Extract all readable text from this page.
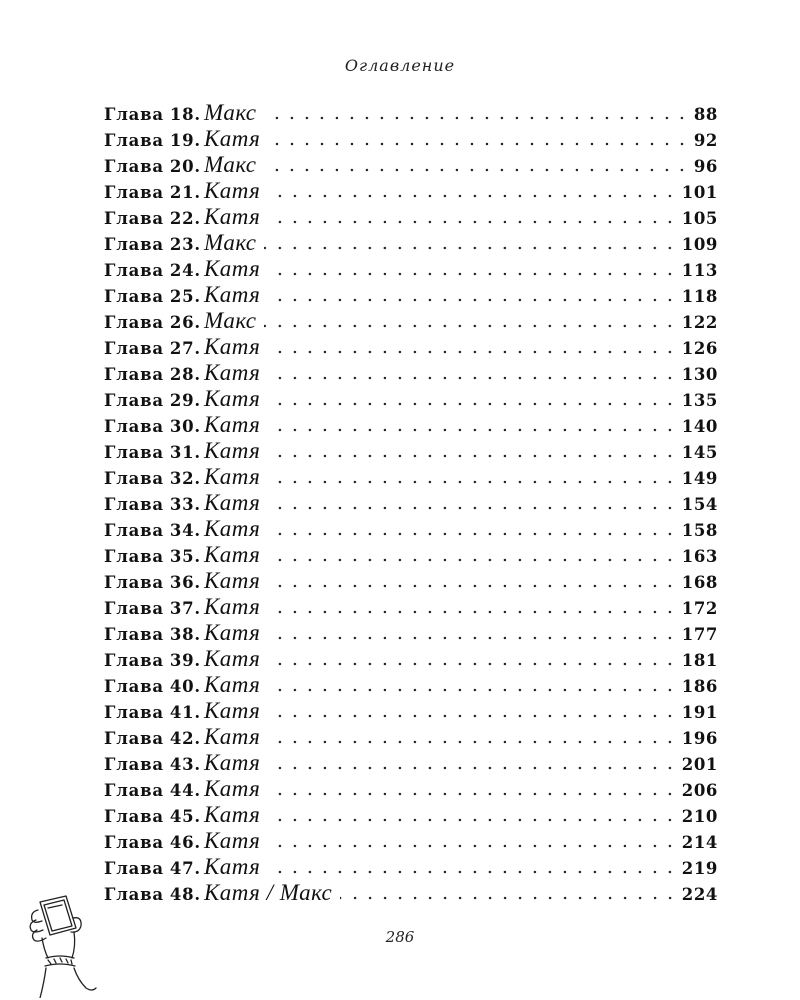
Оглавление
Глава 18. Макс	88
Глава 19. Катя	92
Глава 20. Макс	96
Глава 21. Катя	101
Глава 22. Катя	105
Глава 23. Макс	109
Глава 24. Катя	113
Глава 25. Катя	118
Глава 26. Макс	122
Глава 27. Катя	126
Глава 28. Катя	130
Глава 29. Катя	135
Глава 30. Катя	140
Глава 31. Катя	145
Глава 32. Катя	149
Глава 33. Катя	154
Глава 34. Катя	158
Глава 35. Катя	163
Глава 36. Катя	168
Глава 37. Катя	172
Глава 38. Катя	177
Глава 39. Катя	181
Глава 40. Катя	186
Глава 41. Катя	191
Глава 42. Катя	196
Глава 43. Катя	201
Глава 44. Катя	206
Глава 45. Катя	210
Глава 46. Катя	214
Глава 47. Катя	219
Глава 48. Катя / Макс	224
286
